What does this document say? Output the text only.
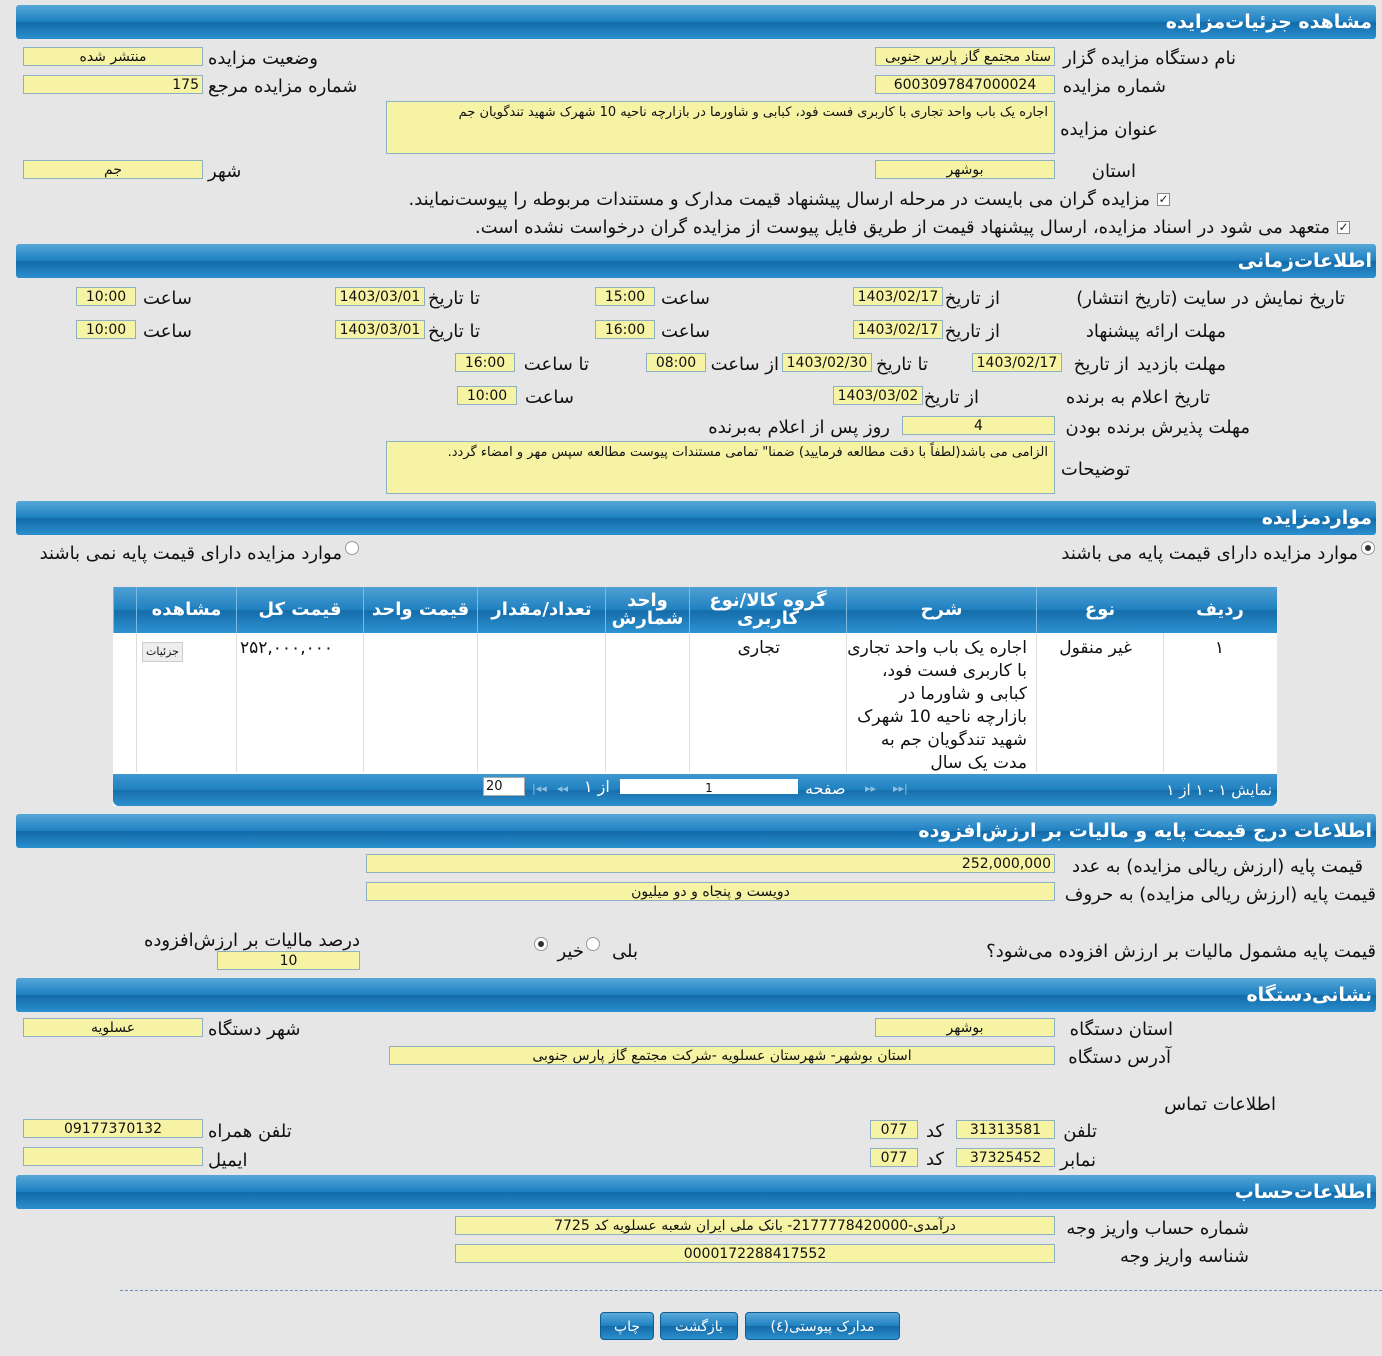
مشاهده جزئیات‌مزایده
نام دستگاه مزایده گزار
ستاد مجتمع گاز پارس جنوبی
وضعیت مزایده
منتشر شده
شماره مزایده
6003097847000024
شماره مزایده مرجع
175
عنوان مزایده
اجاره یک باب واحد تجاری با کاربری فست فود، کبابی و شاورما در بازارچه ناحیه 10 شهرک شهید تندگویان جم
استان
بوشهر
شهر
جم
✓
مزایده گران می بایست در مرحله ارسال پیشنهاد قیمت مدارک و مستندات مربوطه را پیوست‌نمایند.
✓
متعهد می شود در اسناد مزایده، ارسال پیشنهاد قیمت از طریق فایل پیوست از مزایده گران درخواست نشده است.
اطلاعات‌زمانی
تاریخ نمایش در سایت (تاریخ انتشار)
از تاریخ
1403/02/17
ساعت
15:00
تا تاریخ
1403/03/01
ساعت
10:00
مهلت ارائه پیشنهاد
از تاریخ
1403/02/17
ساعت
16:00
تا تاریخ
1403/03/01
ساعت
10:00
مهلت بازدید
از تاریخ
1403/02/17
تا تاریخ
1403/02/30
از ساعت
08:00
تا ساعت
16:00
تاریخ اعلام به برنده
از تاریخ
1403/03/02
ساعت
10:00
مهلت پذیرش برنده بودن
4
روز پس از اعلام به‌برنده
توضیحات
الزامی می باشد(لطفاً با دقت مطالعه فرمایید) ضمنا" تمامی مستندات پیوست مطالعه سپس مهر و امضاء گردد.
مواردمزایده
موارد مزایده دارای قیمت پایه می باشند
موارد مزایده دارای قیمت پایه نمی باشند
ردیف
نوع
شرح
گروه کالا/نوع کاربری
واحد شمارش
تعداد/مقدار
قیمت واحد
قیمت کل
مشاهده
۱
غیر منقول
اجاره یک باب واحد تجاری با کاربری فست فود، کبابی و شاورما در بازارچه ناحیه 10 شهرک شهید تندگویان جم به مدت یک سال
تجاری
۲۵۲,۰۰۰,۰۰۰
جزئیات
نمایش ۱ - ۱ از ۱
▸▸|
▸▸
صفحه
1
از ۱
◂◂
|◂◂
20
اطلاعات درج قیمت پایه و مالیات بر ارزش‌افزوده
قیمت پایه (ارزش ریالی مزایده) به عدد
252,000,000
قیمت پایه (ارزش ریالی مزایده) به حروف
دویست و پنجاه و دو میلیون
قیمت پایه مشمول مالیات بر ارزش افزوده می‌شود؟
بلی
خیر
درصد مالیات بر ارزش‌افزوده
10
نشانی‌دستگاه
استان دستگاه
بوشهر
شهر دستگاه
عسلویه
آدرس دستگاه
استان بوشهر- شهرستان عسلویه -شرکت مجتمع گاز پارس جنوبی
اطلاعات تماس
تلفن
31313581
کد
077
تلفن همراه
09177370132
نمابر
37325452
کد
077
ایمیل
اطلاعات‌حساب
شماره حساب واریز وجه
درآمدی-2177778420000- بانک ملی ایران شعبه عسلویه کد 7725
شناسه واریز وجه
0000172288417552
مدارک پیوستی(٤)
بازگشت
چاپ
